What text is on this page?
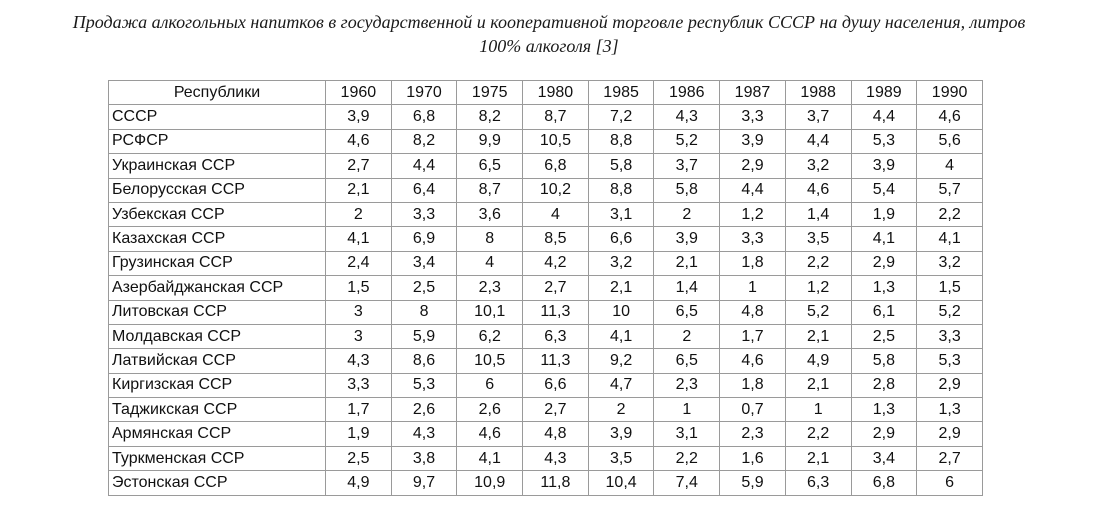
Продажа алкогольных напитков в государственной и кооперативной торговле республик СССР на душу населения, литров
100% алкоголя [3]
Республики	1960	1970	1975	1980	1985	1986	1987	1988	1989	1990
СССР	3,9	6,8	8,2	8,7	7,2	4,3	3,3	3,7	4,4	4,6
РСФСР	4,6	8,2	9,9	10,5	8,8	5,2	3,9	4,4	5,3	5,6
Украинская ССР	2,7	4,4	6,5	6,8	5,8	3,7	2,9	3,2	3,9	4
Белорусская ССР	2,1	6,4	8,7	10,2	8,8	5,8	4,4	4,6	5,4	5,7
Узбекская ССР	2	3,3	3,6	4	3,1	2	1,2	1,4	1,9	2,2
Казахская ССР	4,1	6,9	8	8,5	6,6	3,9	3,3	3,5	4,1	4,1
Грузинская ССР	2,4	3,4	4	4,2	3,2	2,1	1,8	2,2	2,9	3,2
Азербайджанская ССР	1,5	2,5	2,3	2,7	2,1	1,4	1	1,2	1,3	1,5
Литовская ССР	3	8	10,1	11,3	10	6,5	4,8	5,2	6,1	5,2
Молдавская ССР	3	5,9	6,2	6,3	4,1	2	1,7	2,1	2,5	3,3
Латвийская ССР	4,3	8,6	10,5	11,3	9,2	6,5	4,6	4,9	5,8	5,3
Киргизская ССР	3,3	5,3	6	6,6	4,7	2,3	1,8	2,1	2,8	2,9
Таджикская ССР	1,7	2,6	2,6	2,7	2	1	0,7	1	1,3	1,3
Армянская ССР	1,9	4,3	4,6	4,8	3,9	3,1	2,3	2,2	2,9	2,9
Туркменская ССР	2,5	3,8	4,1	4,3	3,5	2,2	1,6	2,1	3,4	2,7
Эстонская ССР	4,9	9,7	10,9	11,8	10,4	7,4	5,9	6,3	6,8	6
